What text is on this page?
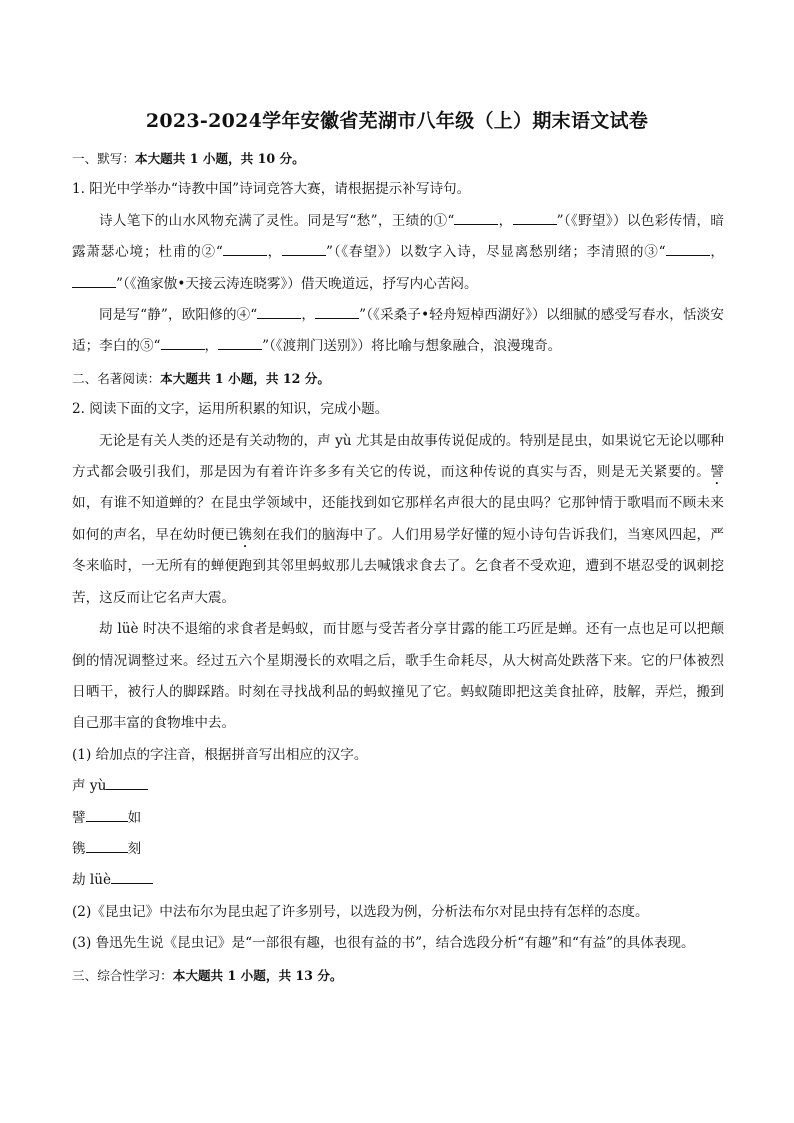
2023-2024学年安徽省芜湖市八年级（上）期末语文试卷

一、默写：本大题共 1 小题，共 10 分。

1. 阳光中学举办“诗教中国”诗词竞答大赛，请根据提示补写诗句。

诗人笔下的山水风物充满了灵性。同是写“愁”，王绩的①“	，	”（《野望》）以色彩传情，暗露萧瑟心境；杜甫的②“	，	”（《春望》）以数字入诗，尽显离愁别绪；李清照的③“	，”（《渔家傲•天接云涛连晓雾》）借天晚道远，抒写内心苦闷。

同是写“静”，欧阳修的④“	，	”（《采桑子•轻舟短棹西湖好》）以细腻的感受写春水，恬淡安适；李白的⑤“	，	”（《渡荆门送别》）将比喻与想象融合，浪漫瑰奇。

二、名著阅读：本大题共 1 小题，共 12 分。

2. 阅读下面的文字，运用所积累的知识，完成小题。

无论是有关人类的还是有关动物的，声 yù 尤其是由故事传说促成的。特别是昆虫，如果说它无论以哪种方式都会吸引我们，那是因为有着许许多多有关它的传说，而这种传说的真实与否，则是无关紧要的。譬如，有谁不知道蝉的？在昆虫学领域中，还能找到如它那样名声很大的昆虫吗？它那钟情于歌唱而不顾未来如何的声名，早在幼时便已镌刻在我们的脑海中了。人们用易学好懂的短小诗句告诉我们，当寒风四起，严冬来临时，一无所有的蝉便跑到其邻里蚂蚁那儿去喊饿求食去了。乞食者不受欢迎，遭到不堪忍受的讽刺挖苦，这反而让它名声大震。

劫 lüè 时决不退缩的求食者是蚂蚁，而甘愿与受苦者分享甘露的能工巧匠是蝉。还有一点也足可以把颠倒的情况调整过来。经过五六个星期漫长的欢唱之后，歌手生命耗尽，从大树高处跌落下来。它的尸体被烈日晒干，被行人的脚踩踏。时刻在寻找战利品的蚂蚁撞见了它。蚂蚁随即把这美食扯碎，肢解，弄烂，搬到自己那丰富的食物堆中去。

(1) 给加点的字注音，根据拼音写出相应的汉字。

声 yù

譬	如

镌	刻

劫 lüè

(2)《昆虫记》中法布尔为昆虫起了许多别号，以选段为例，分析法布尔对昆虫持有怎样的态度。

(3) 鲁迅先生说《昆虫记》是“一部很有趣，也很有益的书”，结合选段分析“有趣”和“有益”的具体表现。

三、综合性学习：本大题共 1 小题，共 13 分。
